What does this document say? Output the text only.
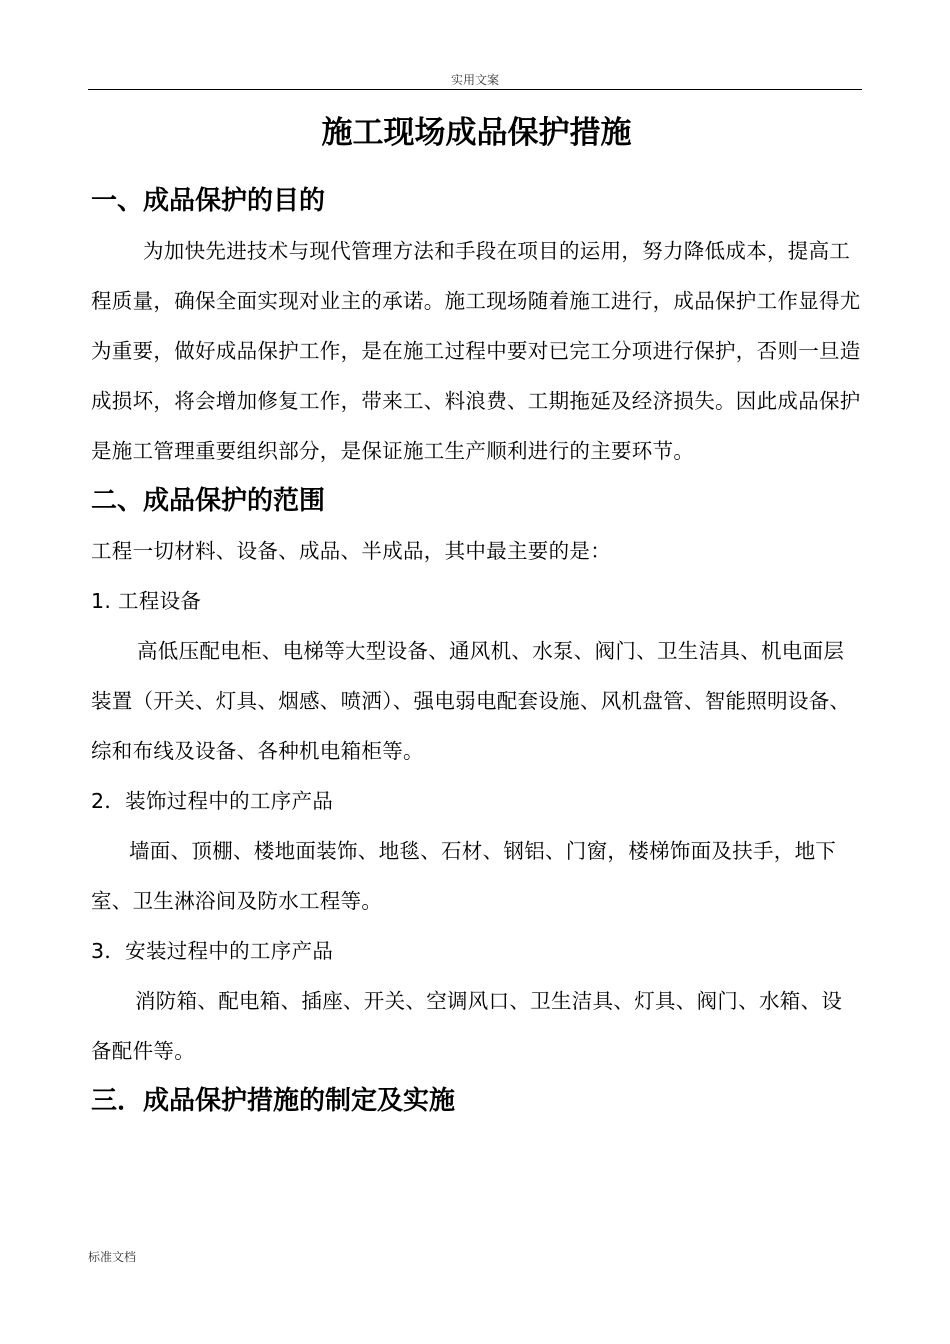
实用文案
施工现场成品保护措施
一、成品保护的目的

为加快先进技术与现代管理方法和手段在项目的运用，努力降低成本，提高工程质量，确保全面实现对业主的承诺。施工现场随着施工进行，成品保护工作显得尤为重要，做好成品保护工作，是在施工过程中要对已完工分项进行保护，否则一旦造成损坏，将会增加修复工作，带来工、料浪费、工期拖延及经济损失。因此成品保护是施工管理重要组织部分，是保证施工生产顺利进行的主要环节。

二、成品保护的范围

工程一切材料、设备、成品、半成品，其中最主要的是：

1. 工程设备

高低压配电柜、电梯等大型设备、通风机、水泵、阀门、卫生洁具、机电面层装置（开关、灯具、烟感、喷洒）、强电弱电配套设施、风机盘管、智能照明设备、综和布线及设备、各种机电箱柜等。

2．装饰过程中的工序产品

墙面、顶棚、楼地面装饰、地毯、石材、钢铝、门窗，楼梯饰面及扶手，地下室、卫生淋浴间及防水工程等。

3．安装过程中的工序产品

消防箱、配电箱、插座、开关、空调风口、卫生洁具、灯具、阀门、水箱、设备配件等。

三．成品保护措施的制定及实施
标准文档
